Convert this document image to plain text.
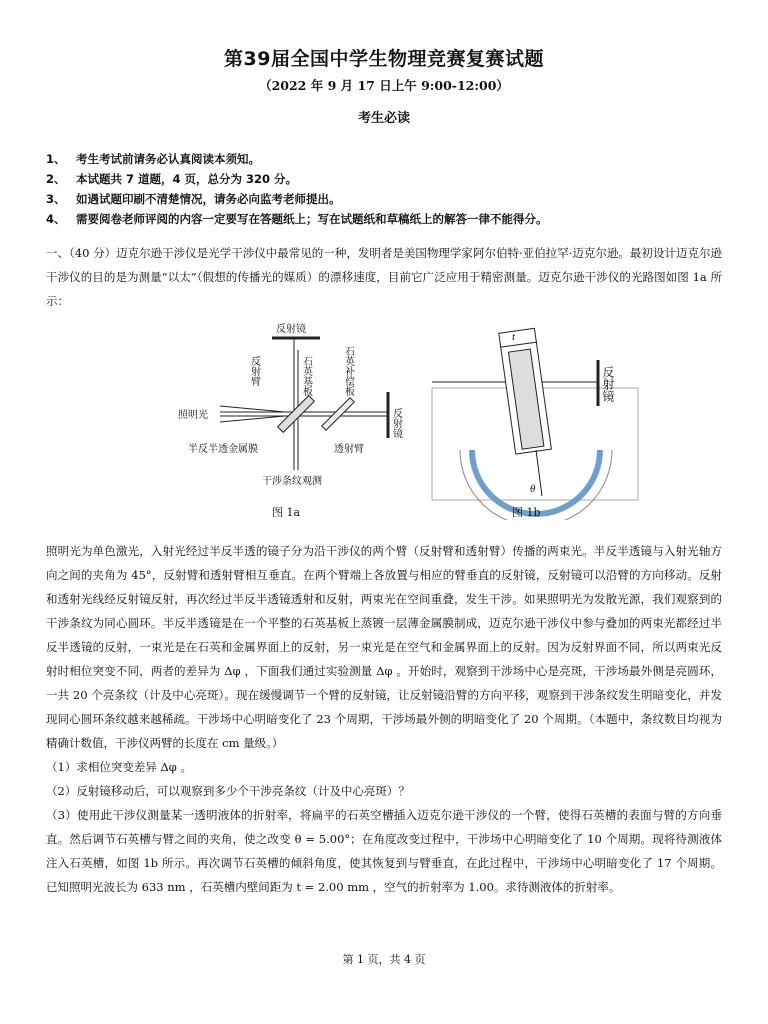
第39届全国中学生物理竞赛复赛试题
（2022 年 9 月 17 日上午 9:00-12:00）
考生必读
1、 考生考试前请务必认真阅读本须知。
2、 本试题共 7 道题，4 页，总分为 320 分。
3、 如遇试题印刷不清楚情况，请务必向监考老师提出。
4、 需要阅卷老师评阅的内容一定要写在答题纸上；写在试题纸和草稿纸上的解答一律不能得分。
一、（40 分）迈克尔逊干涉仪是光学干涉仪中最常见的一种，发明者是美国物理学家阿尔伯特·亚伯拉罕·迈克尔逊。最初设计迈克尔逊干涉仪的目的是为测量“以太”（假想的传播光的媒质）的漂移速度，目前它广泛应用于精密测量。迈克尔逊干涉仪的光路图如图 1a 所示：
反射镜
反射臂	石英基板	石英补偿板
照明光	反射镜
半反半透金属膜	透射臂
干涉条纹观测
t
反射镜
θ
图 1a	图 1b
照明光为单色激光，入射光经过半反半透的镜子分为沿干涉仪的两个臂（反射臂和透射臂）传播的两束光。半反半透镜与入射光轴方向之间的夹角为 45°，反射臂和透射臂相互垂直。在两个臂端上各放置与相应的臂垂直的反射镜，反射镜可以沿臂的方向移动。反射和透射光线经反射镜反射，再次经过半反半透镜透射和反射，两束光在空间重叠，发生干涉。如果照明光为发散光源，我们观察到的干涉条纹为同心圆环。半反半透镜是在一个平整的石英基板上蒸镀一层薄金属膜制成，迈克尔逊干涉仪中参与叠加的两束光都经过半反半透镜的反射，一束光是在石英和金属界面上的反射，另一束光是在空气和金属界面上的反射。因为反射界面不同，所以两束光反射时相位突变不同，两者的差异为 Δφ ，下面我们通过实验测量 Δφ 。开始时，观察到干涉场中心是亮斑，干涉场最外侧是亮圆环，一共 20 个亮条纹（计及中心亮斑）。现在缓慢调节一个臂的反射镜，让反射镜沿臂的方向平移，观察到干涉条纹发生明暗变化，并发现同心圆环条纹越来越稀疏。干涉场中心明暗变化了 23 个周期，干涉场最外侧的明暗变化了 20 个周期。（本题中，条纹数目均视为精确计数值，干涉仪两臂的长度在 cm 量级。）
（1）求相位突变差异 Δφ 。
（2）反射镜移动后，可以观察到多少个干涉亮条纹（计及中心亮斑）？
（3）使用此干涉仪测量某一透明液体的折射率，将扁平的石英空槽插入迈克尔逊干涉仪的一个臂，使得石英槽的表面与臂的方向垂直。然后调节石英槽与臂之间的夹角，使之改变 θ = 5.00°；在角度改变过程中，干涉场中心明暗变化了 10 个周期。现将待测液体注入石英槽，如图 1b 所示。再次调节石英槽的倾斜角度，使其恢复到与臂垂直，在此过程中，干涉场中心明暗变化了 17 个周期。已知照明光波长为 633 nm ，石英槽内壁间距为 t = 2.00 mm ，空气的折射率为 1.00。求待测液体的折射率。
第 1 页，共 4 页
